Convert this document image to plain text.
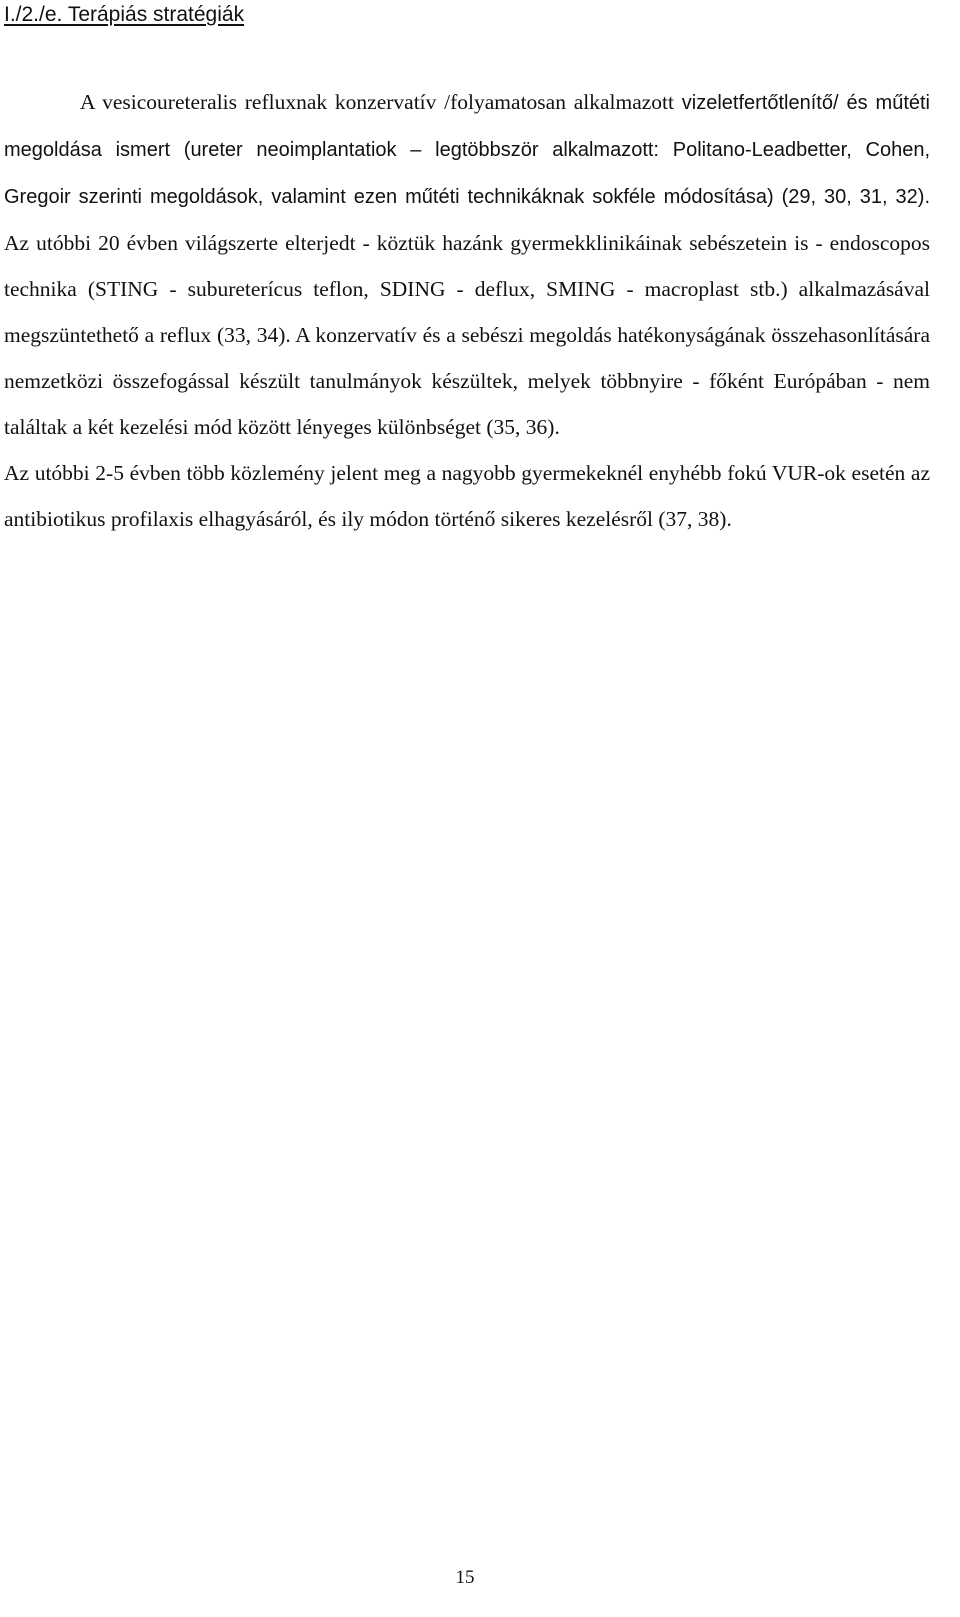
I./2./e. Terápiás stratégiák

A vesicoureteralis refluxnak konzervatív /folyamatosan alkalmazott vizeletfertőtlenítő/ és műtéti megoldása ismert (ureter neoimplantatiok – legtöbbször alkalmazott: Politano-Leadbetter, Cohen, Gregoir szerinti megoldások, valamint ezen műtéti technikáknak sokféle módosítása) (29, 30, 31, 32). Az utóbbi 20 évben világszerte elterjedt - köztük hazánk gyermekklinikáinak sebészetein is - endoscopos technika (STING - subureterícus teflon, SDING - deflux, SMING - macroplast stb.) alkalmazásával megszüntethető a reflux (33, 34). A konzervatív és a sebészi megoldás hatékonyságának összehasonlítására nemzetközi összefogással készült tanulmányok készültek, melyek többnyire - főként Európában - nem találtak a két kezelési mód között lényeges különbséget (35, 36).

Az utóbbi 2-5 évben több közlemény jelent meg a nagyobb gyermekeknél enyhébb fokú VUR-ok esetén az antibiotikus profilaxis elhagyásáról, és ily módon történő sikeres kezelésről (37, 38).

15
